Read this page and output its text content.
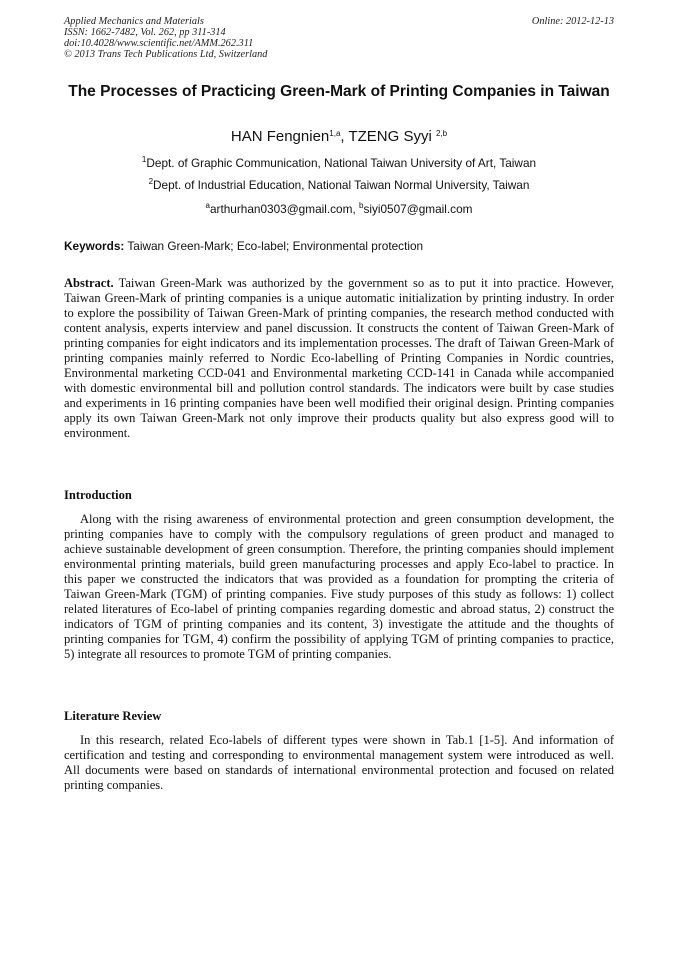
Applied Mechanics and Materials
ISSN: 1662-7482, Vol. 262, pp 311-314
doi:10.4028/www.scientific.net/AMM.262.311
© 2013 Trans Tech Publications Ltd, Switzerland
Online: 2012-12-13
The Processes of Practicing Green-Mark of Printing Companies in Taiwan
HAN Fengnien$^{1,a}$, TZENG Syyi $^{2,b}$
$^1$Dept. of Graphic Communication, National Taiwan University of Art, Taiwan
$^2$Dept. of Industrial Education, National Taiwan Normal University, Taiwan
$^a$arthurhan0303@gmail.com, $^b$siyi0507@gmail.com
Keywords: Taiwan Green-Mark; Eco-label; Environmental protection
Abstract. Taiwan Green-Mark was authorized by the government so as to put it into practice. However, Taiwan Green-Mark of printing companies is a unique automatic initialization by printing industry. In order to explore the possibility of Taiwan Green-Mark of printing companies, the research method conducted with content analysis, experts interview and panel discussion. It constructs the content of Taiwan Green-Mark of printing companies for eight indicators and its implementation processes. The draft of Taiwan Green-Mark of printing companies mainly referred to Nordic Eco-labelling of Printing Companies in Nordic countries, Environmental marketing CCD-041 and Environmental marketing CCD-141 in Canada while accompanied with domestic environmental bill and pollution control standards. The indicators were built by case studies and experiments in 16 printing companies have been well modified their original design. Printing companies apply its own Taiwan Green-Mark not only improve their products quality but also express good will to environment.
Introduction
Along with the rising awareness of environmental protection and green consumption development, the printing companies have to comply with the compulsory regulations of green product and managed to achieve sustainable development of green consumption. Therefore, the printing companies should implement environmental printing materials, build green manufacturing processes and apply Eco-label to practice. In this paper we constructed the indicators that was provided as a foundation for prompting the criteria of Taiwan Green-Mark (TGM) of printing companies. Five study purposes of this study as follows: 1) collect related literatures of Eco-label of printing companies regarding domestic and abroad status, 2) construct the indicators of TGM of printing companies and its content, 3) investigate the attitude and the thoughts of printing companies for TGM, 4) confirm the possibility of applying TGM of printing companies to practice, 5) integrate all resources to promote TGM of printing companies.
Literature Review
In this research, related Eco-labels of different types were shown in Tab.1 [1-5]. And information of certification and testing and corresponding to environmental management system were introduced as well. All documents were based on standards of international environmental protection and focused on related printing companies.
